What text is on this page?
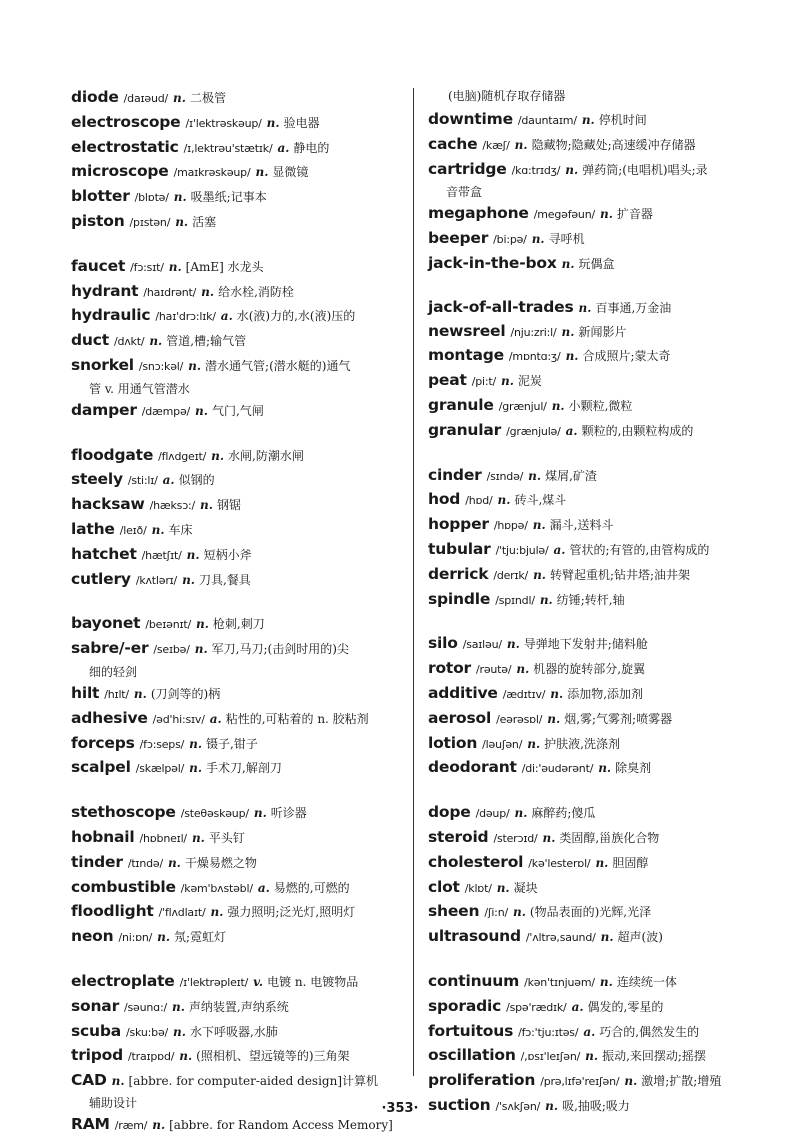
diode /daɪəud/ n. 二极管
electroscope /ɪ'lektrəskəup/ n. 验电器
electrostatic /ɪ,lektrəu'stætɪk/ a. 静电的
microscope /maɪkrəskəup/ n. 显微镜
blotter /blɒtə/ n. 吸墨纸;记事本
piston /pɪstən/ n. 活塞
faucet /fɔ:sɪt/ n. [AmE] 水龙头
hydrant /haɪdrənt/ n. 给水栓,消防栓
hydraulic /haɪ'drɔ:lɪk/ a. 水(液)力的,水(液)压的
duct /dʌkt/ n. 管道,槽;输气管
snorkel /snɔ:kəl/ n. 潜水通气管;(潜水艇的)通气
管 v. 用通气管潜水
damper /dæmpə/ n. 气门,气闸
floodgate /flʌdgeɪt/ n. 水闸,防潮水闸
steely /sti:lɪ/ a. 似钢的
hacksaw /hæksɔ:/ n. 钢锯
lathe /leɪð/ n. 车床
hatchet /hætʃɪt/ n. 短柄小斧
cutlery /kʌtlərɪ/ n. 刀具,餐具
bayonet /beɪənɪt/ n. 枪刺,刺刀
sabre/-er /seɪbə/ n. 军刀,马刀;(击剑时用的)尖
细的轻剑
hilt /hɪlt/ n. (刀剑等的)柄
adhesive /əd'hi:sɪv/ a. 粘性的,可粘着的 n. 胶粘剂
forceps /fɔ:seps/ n. 镊子,钳子
scalpel /skælpəl/ n. 手术刀,解剖刀
stethoscope /steθəskəup/ n. 听诊器
hobnail /hɒbneɪl/ n. 平头钉
tinder /tɪndə/ n. 干燥易燃之物
combustible /kəm'bʌstəbl/ a. 易燃的,可燃的
floodlight /'flʌdlaɪt/ n. 强力照明;泛光灯,照明灯
neon /ni:ɒn/ n. 氖;霓虹灯
electroplate /ɪ'lektrəpleɪt/ v. 电镀 n. 电镀物品
sonar /səunɑ:/ n. 声纳装置,声纳系统
scuba /sku:bə/ n. 水下呼吸器,水肺
tripod /traɪpɒd/ n. (照相机、望远镜等的)三角架
CAD n. [abbre. for computer-aided design]计算机
辅助设计
RAM /ræm/ n. [abbre. for Random Access Memory]
(电脑)随机存取存储器
downtime /dauntaɪm/ n. 停机时间
cache /kæʃ/ n. 隐藏物;隐藏处;高速缓冲存储器
cartridge /kɑ:trɪdʒ/ n. 弹药筒;(电唱机)唱头;录
音带盒
megaphone /megəfəun/ n. 扩音器
beeper /bi:pə/ n. 寻呼机
jack-in-the-box n. 玩偶盒
jack-of-all-trades n. 百事通,万金油
newsreel /nju:zri:l/ n. 新闻影片
montage /mɒntɑ:ʒ/ n. 合成照片;蒙太奇
peat /pi:t/ n. 泥炭
granule /grænjul/ n. 小颗粒,微粒
granular /grænjulə/ a. 颗粒的,由颗粒构成的
cinder /sɪndə/ n. 煤屑,矿渣
hod /hɒd/ n. 砖斗,煤斗
hopper /hɒpə/ n. 漏斗,送料斗
tubular /'tju:bjulə/ a. 管状的;有管的,由管构成的
derrick /derɪk/ n. 转臂起重机;钻井塔;油井架
spindle /spɪndl/ n. 纺锤;转杆,轴
silo /saɪləu/ n. 导弹地下发射井;储料舱
rotor /rəutə/ n. 机器的旋转部分,旋翼
additive /ædɪtɪv/ n. 添加物,添加剂
aerosol /eərəsɒl/ n. 烟,雾;气雾剂;喷雾器
lotion /ləuʃən/ n. 护肤液,洗涤剂
deodorant /di:'əudərənt/ n. 除臭剂
dope /dəup/ n. 麻醉药;傻瓜
steroid /sterɔɪd/ n. 类固醇,甾族化合物
cholesterol /kə'lesterɒl/ n. 胆固醇
clot /klɒt/ n. 凝块
sheen /ʃi:n/ n. (物品表面的)光辉,光泽
ultrasound /'ʌltrə,saund/ n. 超声(波)
continuum /kən'tɪnjuəm/ n. 连续统一体
sporadic /spə'rædɪk/ a. 偶发的,零星的
fortuitous /fɔ:'tju:ɪtəs/ a. 巧合的,偶然发生的
oscillation /,ɒsɪ'leɪʃən/ n. 振动,来回摆动;摇摆
proliferation /prə,lɪfə'reɪʃən/ n. 激增;扩散;增殖
suction /'sʌkʃən/ n. 吸,抽吸;吸力
·353·
